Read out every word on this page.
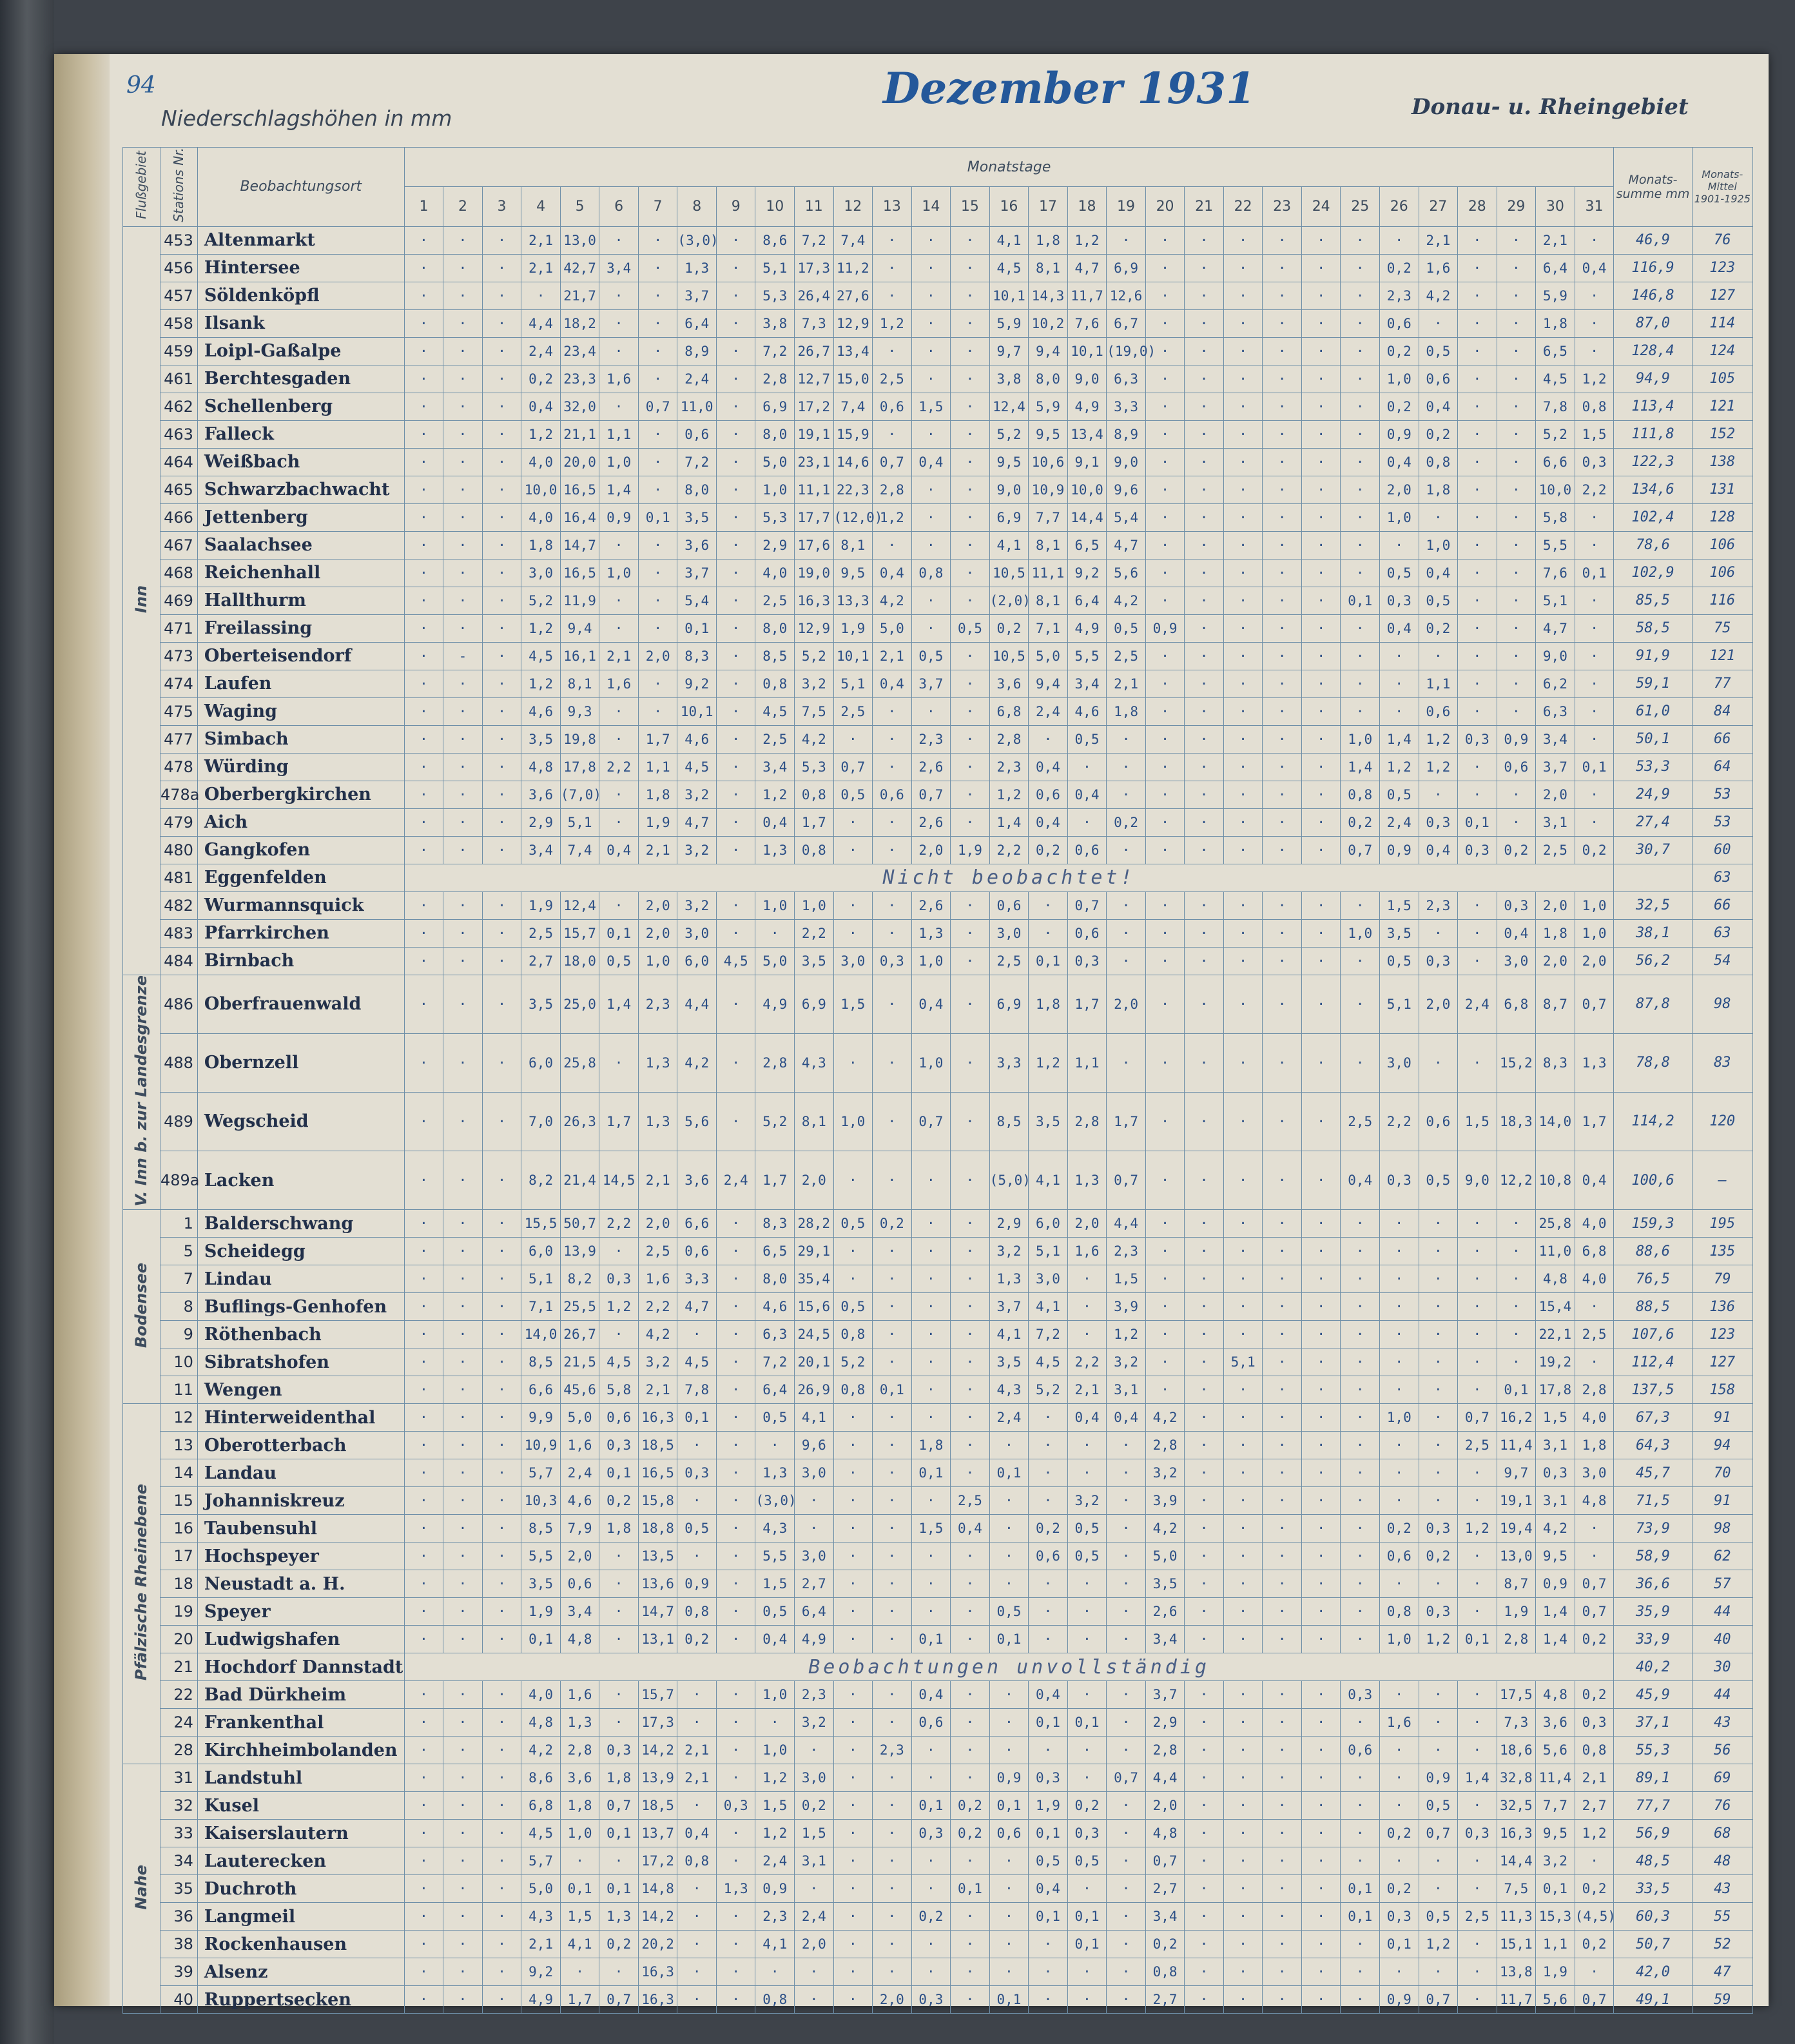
94	Dezember 1931
Niederschlagshöhen in mm	Donau- u. Rheingebiet
Flußgebiet	Stations Nr.	Beobachtungsort	Monatstage																															Monats- summe mm	Monats- Mittel 1901-1925
			1	2	3	4	5	6	7	8	9	10	11	12	13	14	15	16	17	18	19	20	21	22	23	24	25	26	27	28	29	30	31		
Inn	453	Altenmarkt	·	·	·	2,1	13,0	·	·	(3,0)	·	8,6	7,2	7,4	·	·	·	4,1	1,8	1,2	·	·	·	·	·	·	·	·	2,1	·	·	2,1	·	46,9	76
	456	Hintersee	·	·	·	2,1	42,7	3,4	·	1,3	·	5,1	17,3	11,2	·	·	·	4,5	8,1	4,7	6,9	·	·	·	·	·	·	0,2	1,6	·	·	6,4	0,4	116,9	123
	457	Söldenköpfl	·	·	·	·	21,7	·	·	3,7	·	5,3	26,4	27,6	·	·	·	10,1	14,3	11,7	12,6	·	·	·	·	·	·	2,3	4,2	·	·	5,9	·	146,8	127
	458	Ilsank	·	·	·	4,4	18,2	·	·	6,4	·	3,8	7,3	12,9	1,2	·	·	5,9	10,2	7,6	6,7	·	·	·	·	·	·	0,6	·	·	·	1,8	·	87,0	114
	459	Loipl-Gaßalpe	·	·	·	2,4	23,4	·	·	8,9	·	7,2	26,7	13,4	·	·	·	9,7	9,4	10,1	(19,0)	·	·	·	·	·	·	0,2	0,5	·	·	6,5	·	128,4	124
	461	Berchtesgaden	·	·	·	0,2	23,3	1,6	·	2,4	·	2,8	12,7	15,0	2,5	·	·	3,8	8,0	9,0	6,3	·	·	·	·	·	·	1,0	0,6	·	·	4,5	1,2	94,9	105
	462	Schellenberg	·	·	·	0,4	32,0	·	0,7	11,0	·	6,9	17,2	7,4	0,6	1,5	·	12,4	5,9	4,9	3,3	·	·	·	·	·	·	0,2	0,4	·	·	7,8	0,8	113,4	121
	463	Falleck	·	·	·	1,2	21,1	1,1	·	0,6	·	8,0	19,1	15,9	·	·	·	5,2	9,5	13,4	8,9	·	·	·	·	·	·	0,9	0,2	·	·	5,2	1,5	111,8	152
	464	Weißbach	·	·	·	4,0	20,0	1,0	·	7,2	·	5,0	23,1	14,6	0,7	0,4	·	9,5	10,6	9,1	9,0	·	·	·	·	·	·	0,4	0,8	·	·	6,6	0,3	122,3	138
	465	Schwarzbachwacht	·	·	·	10,0	16,5	1,4	·	8,0	·	1,0	11,1	22,3	2,8	·	·	9,0	10,9	10,0	9,6	·	·	·	·	·	·	2,0	1,8	·	·	10,0	2,2	134,6	131
	466	Jettenberg	·	·	·	4,0	16,4	0,9	0,1	3,5	·	5,3	17,7	(12,0)	1,2	·	·	6,9	7,7	14,4	5,4	·	·	·	·	·	·	1,0	·	·	·	5,8	·	102,4	128
	467	Saalachsee	·	·	·	1,8	14,7	·	·	3,6	·	2,9	17,6	8,1	·	·	·	4,1	8,1	6,5	4,7	·	·	·	·	·	·	·	1,0	·	·	5,5	·	78,6	106
	468	Reichenhall	·	·	·	3,0	16,5	1,0	·	3,7	·	4,0	19,0	9,5	0,4	0,8	·	10,5	11,1	9,2	5,6	·	·	·	·	·	·	0,5	0,4	·	·	7,6	0,1	102,9	106
	469	Hallthurm	·	·	·	5,2	11,9	·	·	5,4	·	2,5	16,3	13,3	4,2	·	·	(2,0)	8,1	6,4	4,2	·	·	·	·	·	0,1	0,3	0,5	·	·	5,1	·	85,5	116
	471	Freilassing	·	·	·	1,2	9,4	·	·	0,1	·	8,0	12,9	1,9	5,0	·	0,5	0,2	7,1	4,9	0,5	0,9	·	·	·	·	·	0,4	0,2	·	·	4,7	·	58,5	75
	473	Oberteisendorf	·	-	·	4,5	16,1	2,1	2,0	8,3	·	8,5	5,2	10,1	2,1	0,5	·	10,5	5,0	5,5	2,5	·	·	·	·	·	·	·	·	·	·	9,0	·	91,9	121
	474	Laufen	·	·	·	1,2	8,1	1,6	·	9,2	·	0,8	3,2	5,1	0,4	3,7	·	3,6	9,4	3,4	2,1	·	·	·	·	·	·	·	1,1	·	·	6,2	·	59,1	77
	475	Waging	·	·	·	4,6	9,3	·	·	10,1	·	4,5	7,5	2,5	·	·	·	6,8	2,4	4,6	1,8	·	·	·	·	·	·	·	0,6	·	·	6,3	·	61,0	84
	477	Simbach	·	·	·	3,5	19,8	·	1,7	4,6	·	2,5	4,2	·	·	2,3	·	2,8	·	0,5	·	·	·	·	·	·	1,0	1,4	1,2	0,3	0,9	3,4	·	50,1	66
	478	Würding	·	·	·	4,8	17,8	2,2	1,1	4,5	·	3,4	5,3	0,7	·	2,6	·	2,3	0,4	·	·	·	·	·	·	·	1,4	1,2	1,2	·	0,6	3,7	0,1	53,3	64
	478a	Oberbergkirchen	·	·	·	3,6	(7,0)	·	1,8	3,2	·	1,2	0,8	0,5	0,6	0,7	·	1,2	0,6	0,4	·	·	·	·	·	·	0,8	0,5	·	·	·	2,0	·	24,9	53
	479	Aich	·	·	·	2,9	5,1	·	1,9	4,7	·	0,4	1,7	·	·	2,6	·	1,4	0,4	·	0,2	·	·	·	·	·	0,2	2,4	0,3	0,1	·	3,1	·	27,4	53
	480	Gangkofen	·	·	·	3,4	7,4	0,4	2,1	3,2	·	1,3	0,8	·	·	2,0	1,9	2,2	0,2	0,6	·	·	·	·	·	·	0,7	0,9	0,4	0,3	0,2	2,5	0,2	30,7	60
	481	Eggenfelden	Nicht beobachtet!																																63
	482	Wurmannsquick	·	·	·	1,9	12,4	·	2,0	3,2	·	1,0	1,0	·	·	2,6	·	0,6	·	0,7	·	·	·	·	·	·	·	1,5	2,3	·	0,3	2,0	1,0	32,5	66
	483	Pfarrkirchen	·	·	·	2,5	15,7	0,1	2,0	3,0	·	·	2,2	·	·	1,3	·	3,0	·	0,6	·	·	·	·	·	·	1,0	3,5	·	·	0,4	1,8	1,0	38,1	63
	484	Birnbach	·	·	·	2,7	18,0	0,5	1,0	6,0	4,5	5,0	3,5	3,0	0,3	1,0	·	2,5	0,1	0,3	·	·	·	·	·	·	·	0,5	0,3	·	3,0	2,0	2,0	56,2	54
V. Inn b. zur Landesgrenze	486	Oberfrauenwald	·	·	·	3,5	25,0	1,4	2,3	4,4	·	4,9	6,9	1,5	·	0,4	·	6,9	1,8	1,7	2,0	·	·	·	·	·	·	5,1	2,0	2,4	6,8	8,7	0,7	87,8	98
	488	Obernzell	·	·	·	6,0	25,8	·	1,3	4,2	·	2,8	4,3	·	·	1,0	·	3,3	1,2	1,1	·	·	·	·	·	·	·	3,0	·	·	15,2	8,3	1,3	78,8	83
	489	Wegscheid	·	·	·	7,0	26,3	1,7	1,3	5,6	·	5,2	8,1	1,0	·	0,7	·	8,5	3,5	2,8	1,7	·	·	·	·	·	2,5	2,2	0,6	1,5	18,3	14,0	1,7	114,2	120
	489a	Lacken	·	·	·	8,2	21,4	14,5	2,1	3,6	2,4	1,7	2,0	·	·	·	·	(5,0)	4,1	1,3	0,7	·	·	·	·	·	0,4	0,3	0,5	9,0	12,2	10,8	0,4	100,6	—
Bodensee	1	Balderschwang	·	·	·	15,5	50,7	2,2	2,0	6,6	·	8,3	28,2	0,5	0,2	·	·	2,9	6,0	2,0	4,4	·	·	·	·	·	·	·	·	·	·	25,8	4,0	159,3	195
	5	Scheidegg	·	·	·	6,0	13,9	·	2,5	0,6	·	6,5	29,1	·	·	·	·	3,2	5,1	1,6	2,3	·	·	·	·	·	·	·	·	·	·	11,0	6,8	88,6	135
	7	Lindau	·	·	·	5,1	8,2	0,3	1,6	3,3	·	8,0	35,4	·	·	·	·	1,3	3,0	·	1,5	·	·	·	·	·	·	·	·	·	·	4,8	4,0	76,5	79
	8	Buflings-Genhofen	·	·	·	7,1	25,5	1,2	2,2	4,7	·	4,6	15,6	0,5	·	·	·	3,7	4,1	·	3,9	·	·	·	·	·	·	·	·	·	·	15,4	·	88,5	136
	9	Röthenbach	·	·	·	14,0	26,7	·	4,2	·	·	6,3	24,5	0,8	·	·	·	4,1	7,2	·	1,2	·	·	·	·	·	·	·	·	·	·	22,1	2,5	107,6	123
	10	Sibratshofen	·	·	·	8,5	21,5	4,5	3,2	4,5	·	7,2	20,1	5,2	·	·	·	3,5	4,5	2,2	3,2	·	·	5,1	·	·	·	·	·	·	·	19,2	·	112,4	127
	11	Wengen	·	·	·	6,6	45,6	5,8	2,1	7,8	·	6,4	26,9	0,8	0,1	·	·	4,3	5,2	2,1	3,1	·	·	·	·	·	·	·	·	·	0,1	17,8	2,8	137,5	158
Pfälzische Rheinebene	12	Hinterweidenthal	·	·	·	9,9	5,0	0,6	16,3	0,1	·	0,5	4,1	·	·	·	·	2,4	·	0,4	0,4	4,2	·	·	·	·	·	1,0	·	0,7	16,2	1,5	4,0	67,3	91
	13	Oberotterbach	·	·	·	10,9	1,6	0,3	18,5	·	·	·	9,6	·	·	1,8	·	·	·	·	·	2,8	·	·	·	·	·	·	·	2,5	11,4	3,1	1,8	64,3	94
	14	Landau	·	·	·	5,7	2,4	0,1	16,5	0,3	·	1,3	3,0	·	·	0,1	·	0,1	·	·	·	3,2	·	·	·	·	·	·	·	·	9,7	0,3	3,0	45,7	70
	15	Johanniskreuz	·	·	·	10,3	4,6	0,2	15,8	·	·	(3,0)	·	·	·	·	2,5	·	·	3,2	·	3,9	·	·	·	·	·	·	·	·	19,1	3,1	4,8	71,5	91
	16	Taubensuhl	·	·	·	8,5	7,9	1,8	18,8	0,5	·	4,3	·	·	·	1,5	0,4	·	0,2	0,5	·	4,2	·	·	·	·	·	0,2	0,3	1,2	19,4	4,2	·	73,9	98
	17	Hochspeyer	·	·	·	5,5	2,0	·	13,5	·	·	5,5	3,0	·	·	·	·	·	0,6	0,5	·	5,0	·	·	·	·	·	0,6	0,2	·	13,0	9,5	·	58,9	62
	18	Neustadt a. H.	·	·	·	3,5	0,6	·	13,6	0,9	·	1,5	2,7	·	·	·	·	·	·	·	·	3,5	·	·	·	·	·	·	·	·	8,7	0,9	0,7	36,6	57
	19	Speyer	·	·	·	1,9	3,4	·	14,7	0,8	·	0,5	6,4	·	·	·	·	0,5	·	·	·	2,6	·	·	·	·	·	0,8	0,3	·	1,9	1,4	0,7	35,9	44
	20	Ludwigshafen	·	·	·	0,1	4,8	·	13,1	0,2	·	0,4	4,9	·	·	0,1	·	0,1	·	·	·	3,4	·	·	·	·	·	1,0	1,2	0,1	2,8	1,4	0,2	33,9	40
	21	Hochdorf Dannstadt	Beobachtungen unvollständig																															40,2	30
	22	Bad Dürkheim	·	·	·	4,0	1,6	·	15,7	·	·	1,0	2,3	·	·	0,4	·	·	0,4	·	·	3,7	·	·	·	·	0,3	·	·	·	17,5	4,8	0,2	45,9	44
	24	Frankenthal	·	·	·	4,8	1,3	·	17,3	·	·	·	3,2	·	·	0,6	·	·	0,1	0,1	·	2,9	·	·	·	·	·	1,6	·	·	7,3	3,6	0,3	37,1	43
	28	Kirchheimbolanden	·	·	·	4,2	2,8	0,3	14,2	2,1	·	1,0	·	·	2,3	·	·	·	·	·	·	2,8	·	·	·	·	0,6	·	·	·	18,6	5,6	0,8	55,3	56
Nahe	31	Landstuhl	·	·	·	8,6	3,6	1,8	13,9	2,1	·	1,2	3,0	·	·	·	·	0,9	0,3	·	0,7	4,4	·	·	·	·	·	·	0,9	1,4	32,8	11,4	2,1	89,1	69
	32	Kusel	·	·	·	6,8	1,8	0,7	18,5	·	0,3	1,5	0,2	·	·	0,1	0,2	0,1	1,9	0,2	·	2,0	·	·	·	·	·	·	0,5	·	32,5	7,7	2,7	77,7	76
	33	Kaiserslautern	·	·	·	4,5	1,0	0,1	13,7	0,4	·	1,2	1,5	·	·	0,3	0,2	0,6	0,1	0,3	·	4,8	·	·	·	·	·	0,2	0,7	0,3	16,3	9,5	1,2	56,9	68
	34	Lauterecken	·	·	·	5,7	·	·	17,2	0,8	·	2,4	3,1	·	·	·	·	·	0,5	0,5	·	0,7	·	·	·	·	·	·	·	·	14,4	3,2	·	48,5	48
	35	Duchroth	·	·	·	5,0	0,1	0,1	14,8	·	1,3	0,9	·	·	·	·	0,1	·	0,4	·	·	2,7	·	·	·	·	0,1	0,2	·	·	7,5	0,1	0,2	33,5	43
	36	Langmeil	·	·	·	4,3	1,5	1,3	14,2	·	·	2,3	2,4	·	·	0,2	·	·	0,1	0,1	·	3,4	·	·	·	·	0,1	0,3	0,5	2,5	11,3	15,3	(4,5)	60,3	55
	38	Rockenhausen	·	·	·	2,1	4,1	0,2	20,2	·	·	4,1	2,0	·	·	·	·	·	·	0,1	·	0,2	·	·	·	·	·	0,1	1,2	·	15,1	1,1	0,2	50,7	52
	39	Alsenz	·	·	·	9,2	·	·	16,3	·	·	·	·	·	·	·	·	·	·	·	·	0,8	·	·	·	·	·	·	·	·	13,8	1,9	·	42,0	47
	40	Ruppertsecken	·	·	·	4,9	1,7	0,7	16,3	·	·	0,8	·	·	2,0	0,3	·	0,1	·	·	·	2,7	·	·	·	·	·	0,9	0,7	·	11,7	5,6	0,7	49,1	59
